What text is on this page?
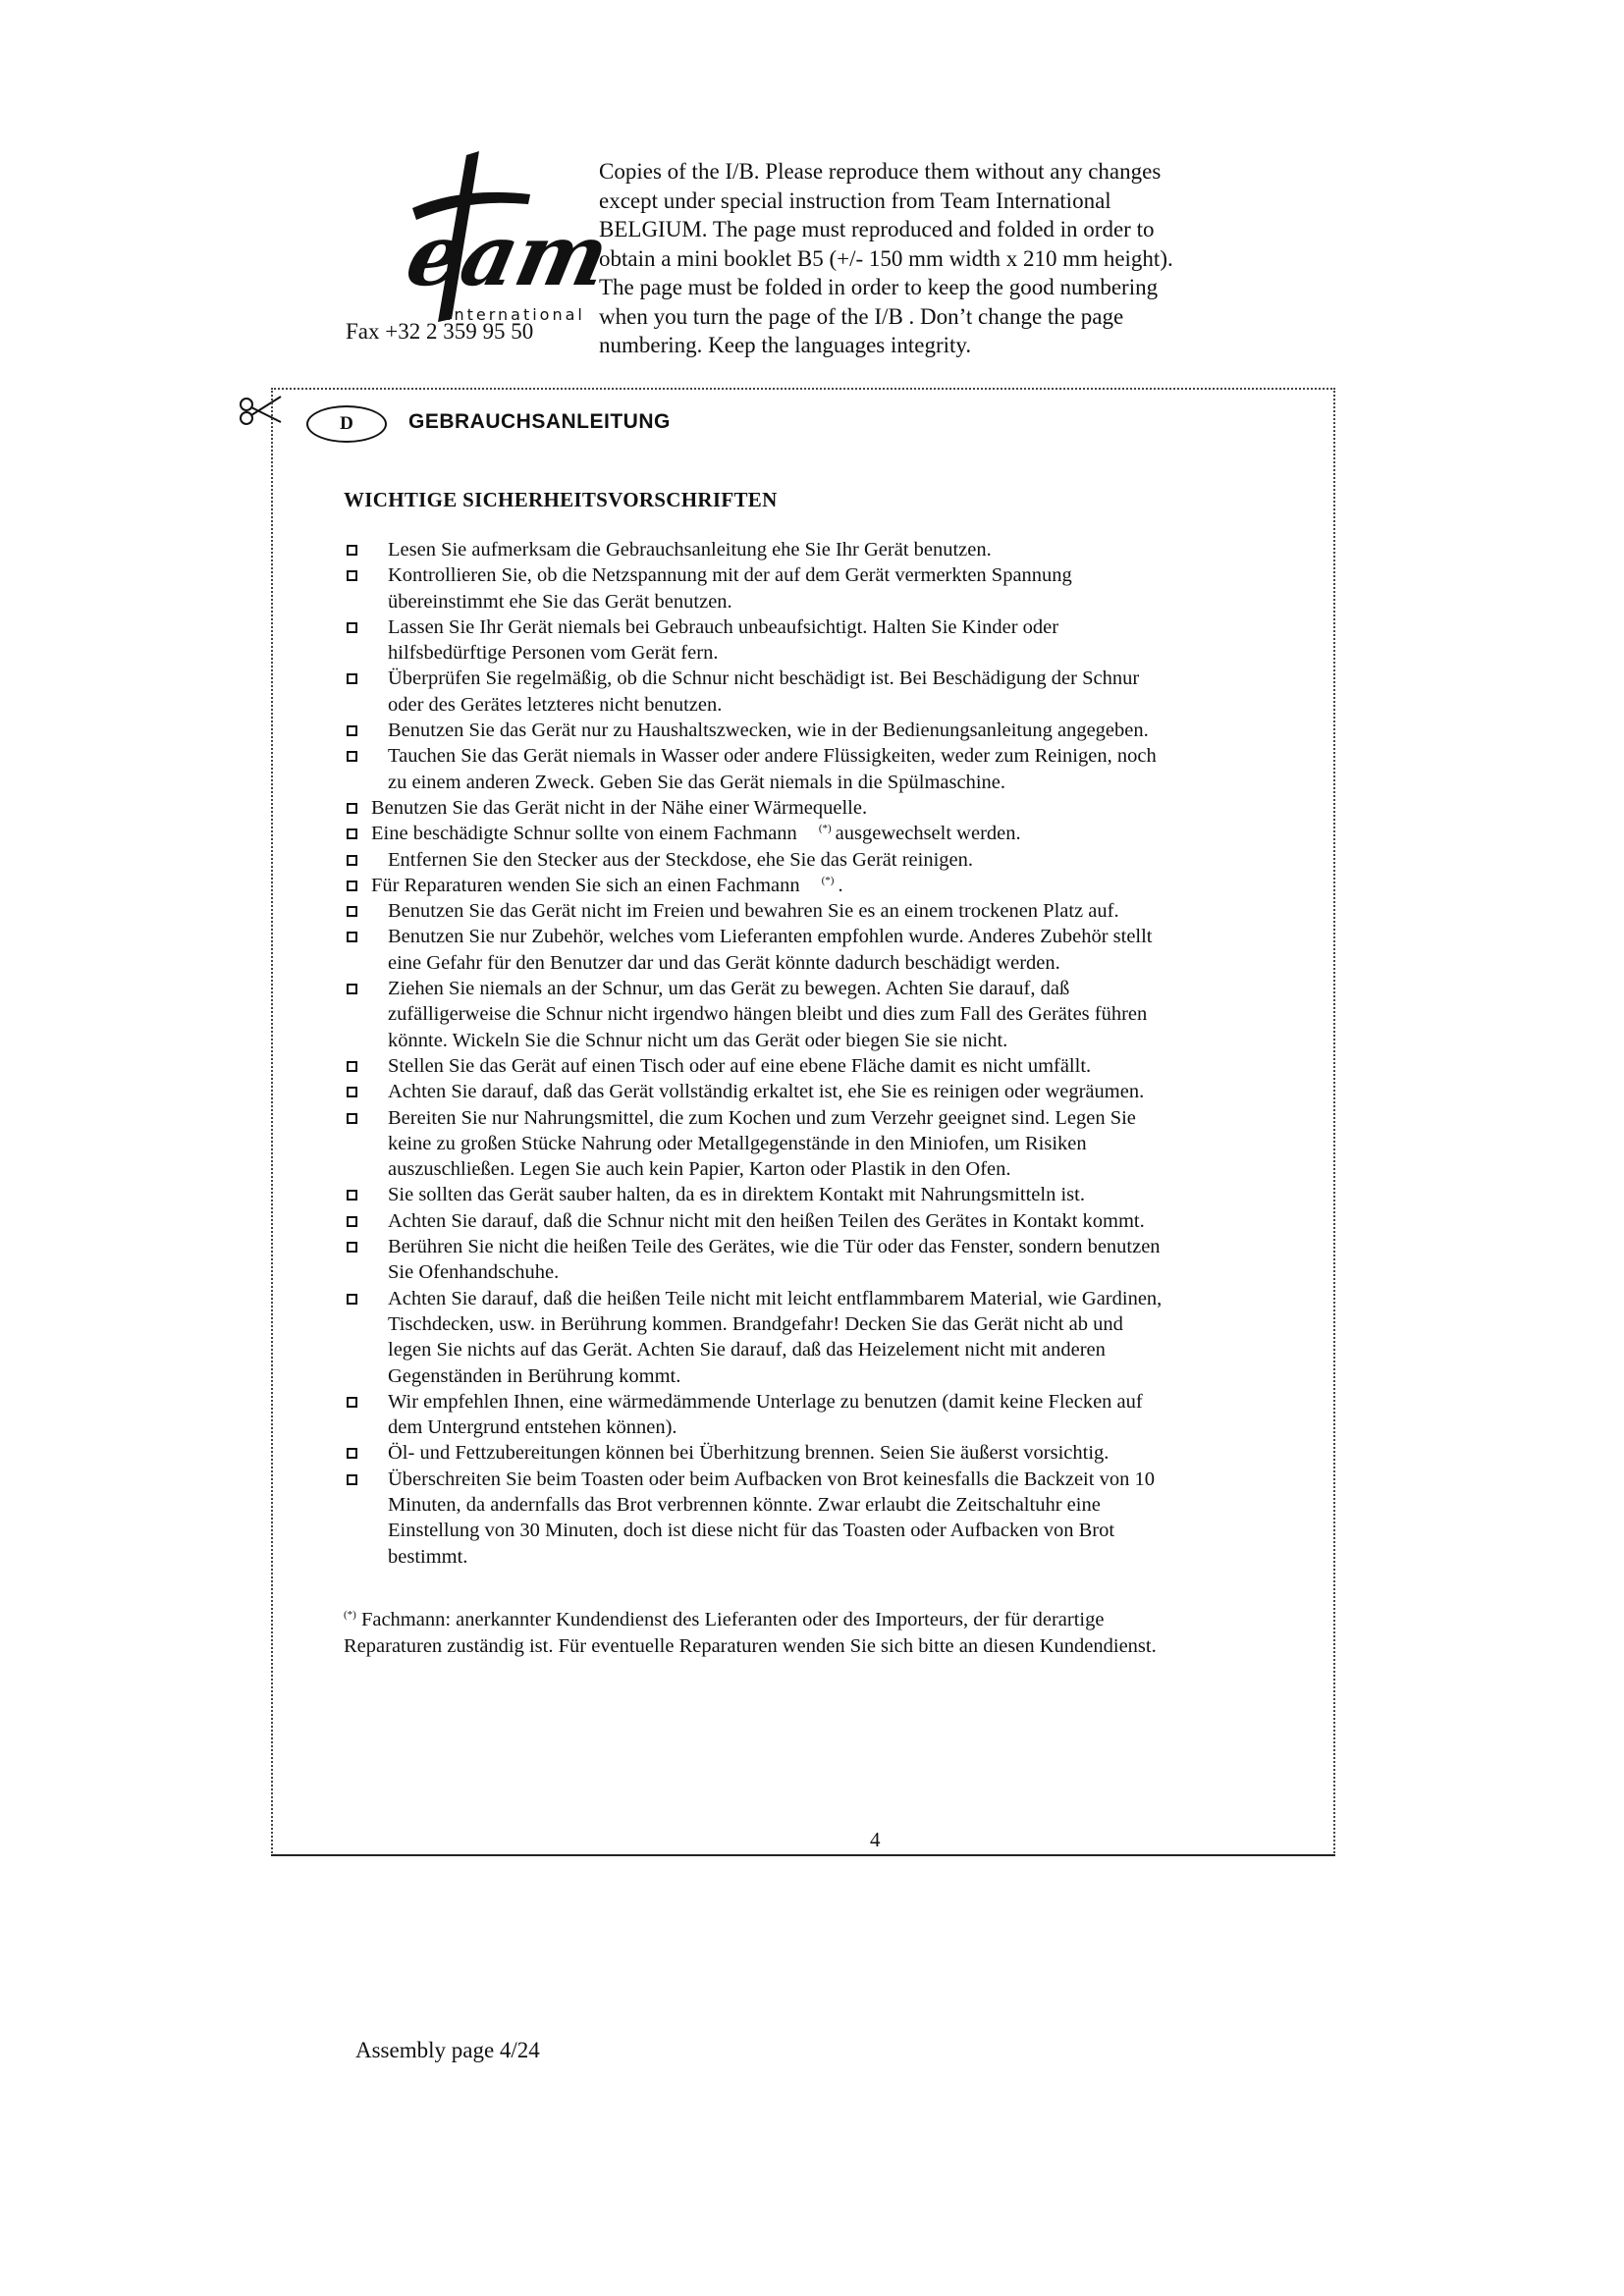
eam
international
Fax +32 2 359 95 50

Copies of the I/B. Please reproduce them without any changes
except under special instruction from Team International
BELGIUM. The page must reproduced and folded in order to
obtain a mini booklet B5 (+/- 150 mm width x 210 mm height).
The page must be folded in order to keep the good numbering
when you turn the page of the I/B . Don’t change the page
numbering. Keep the languages integrity.

D	GEBRAUCHSANLEITUNG
WICHTIGE SICHERHEITSVORSCHRIFTEN
Lesen Sie aufmerksam die Gebrauchsanleitung ehe Sie Ihr Gerät benutzen.
Kontrollieren Sie, ob die Netzspannung mit der auf dem Gerät vermerkten Spannung
übereinstimmt ehe Sie das Gerät benutzen.
Lassen Sie Ihr Gerät niemals bei Gebrauch unbeaufsichtigt. Halten Sie Kinder oder
hilfsbedürftige Personen vom Gerät fern.
Überprüfen Sie regelmäßig, ob die Schnur nicht beschädigt ist. Bei Beschädigung der Schnur
oder des Gerätes letzteres nicht benutzen.
Benutzen Sie das Gerät nur zu Haushaltszwecken, wie in der Bedienungsanleitung angegeben.
Tauchen Sie das Gerät niemals in Wasser oder andere Flüssigkeiten, weder zum Reinigen, noch
zu einem anderen Zweck. Geben Sie das Gerät niemals in die Spülmaschine.
Benutzen Sie das Gerät nicht in der Nähe einer Wärmequelle.
Eine beschädigte Schnur sollte von einem Fachmann (*) ausgewechselt werden.
Entfernen Sie den Stecker aus der Steckdose, ehe Sie das Gerät reinigen.
Für Reparaturen wenden Sie sich an einen Fachmann (*) .
Benutzen Sie das Gerät nicht im Freien und bewahren Sie es an einem trockenen Platz auf.
Benutzen Sie nur Zubehör, welches vom Lieferanten empfohlen wurde. Anderes Zubehör stellt
eine Gefahr für den Benutzer dar und das Gerät könnte dadurch beschädigt werden.
Ziehen Sie niemals an der Schnur, um das Gerät zu bewegen. Achten Sie darauf, daß
zufälligerweise die Schnur nicht irgendwo hängen bleibt und dies zum Fall des Gerätes führen
könnte. Wickeln Sie die Schnur nicht um das Gerät oder biegen Sie sie nicht.
Stellen Sie das Gerät auf einen Tisch oder auf eine ebene Fläche damit es nicht umfällt.
Achten Sie darauf, daß das Gerät vollständig erkaltet ist, ehe Sie es reinigen oder wegräumen.
Bereiten Sie nur Nahrungsmittel, die zum Kochen und zum Verzehr geeignet sind. Legen Sie
keine zu großen Stücke Nahrung oder Metallgegenstände in den Miniofen, um Risiken
auszuschließen. Legen Sie auch kein Papier, Karton oder Plastik in den Ofen.
Sie sollten das Gerät sauber halten, da es in direktem Kontakt mit Nahrungsmitteln ist.
Achten Sie darauf, daß die Schnur nicht mit den heißen Teilen des Gerätes in Kontakt kommt.
Berühren Sie nicht die heißen Teile des Gerätes, wie die Tür oder das Fenster, sondern benutzen
Sie Ofenhandschuhe.
Achten Sie darauf, daß die heißen Teile nicht mit leicht entflammbarem Material, wie Gardinen,
Tischdecken, usw. in Berührung kommen. Brandgefahr! Decken Sie das Gerät nicht ab und
legen Sie nichts auf das Gerät. Achten Sie darauf, daß das Heizelement nicht mit anderen
Gegenständen in Berührung kommt.
Wir empfehlen Ihnen, eine wärmedämmende Unterlage zu benutzen (damit keine Flecken auf
dem Untergrund entstehen können).
Öl- und Fettzubereitungen können bei Überhitzung brennen. Seien Sie äußerst vorsichtig.
Überschreiten Sie beim Toasten oder beim Aufbacken von Brot keinesfalls die Backzeit von 10
Minuten, da andernfalls das Brot verbrennen könnte. Zwar erlaubt die Zeitschaltuhr eine
Einstellung von 30 Minuten, doch ist diese nicht für das Toasten oder Aufbacken von Brot
bestimmt.

(*) Fachmann: anerkannter Kundendienst des Lieferanten oder des Importeurs, der für derartige
Reparaturen zuständig ist. Für eventuelle Reparaturen wenden Sie sich bitte an diesen Kundendienst.

4
Assembly page 4/24
